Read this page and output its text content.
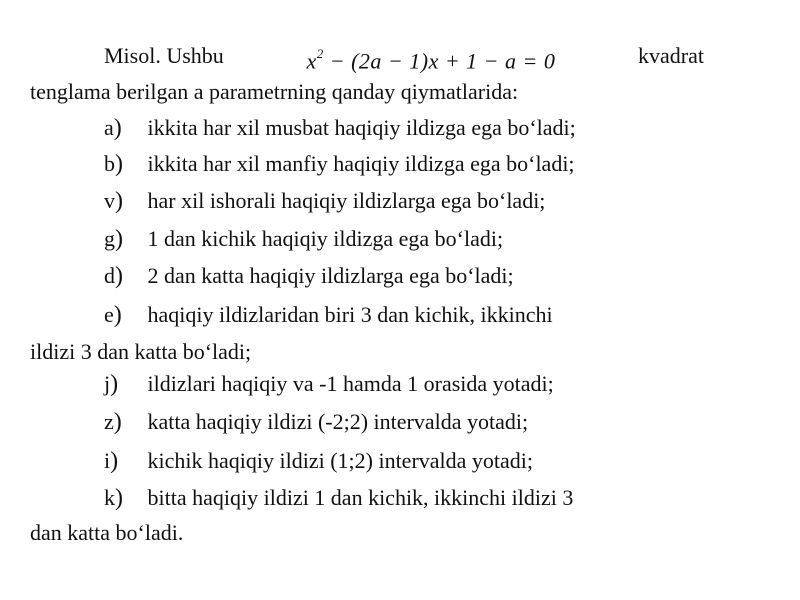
Misol. Ushbu	$x^2 - (2a - 1)x + 1 - a = 0$	kvadrat
tenglama berilgan a parametrning qanday qiymatlarida:
a) ikkita har xil musbat haqiqiy ildizga ega bo‘ladi;
b) ikkita har xil manfiy haqiqiy ildizga ega bo‘ladi;
v) har xil ishorali haqiqiy ildizlarga ega bo‘ladi;
g) 1 dan kichik haqiqiy ildizga ega bo‘ladi;
d) 2 dan katta haqiqiy ildizlarga ega bo‘ladi;
e) haqiqiy ildizlaridan biri 3 dan kichik, ikkinchi
ildizi 3 dan katta bo‘ladi;
j) ildizlari haqiqiy va -1 hamda 1 orasida yotadi;
z) katta haqiqiy ildizi (-2;2) intervalda yotadi;
i) kichik haqiqiy ildizi (1;2) intervalda yotadi;
k) bitta haqiqiy ildizi 1 dan kichik, ikkinchi ildizi 3
dan katta bo‘ladi.
